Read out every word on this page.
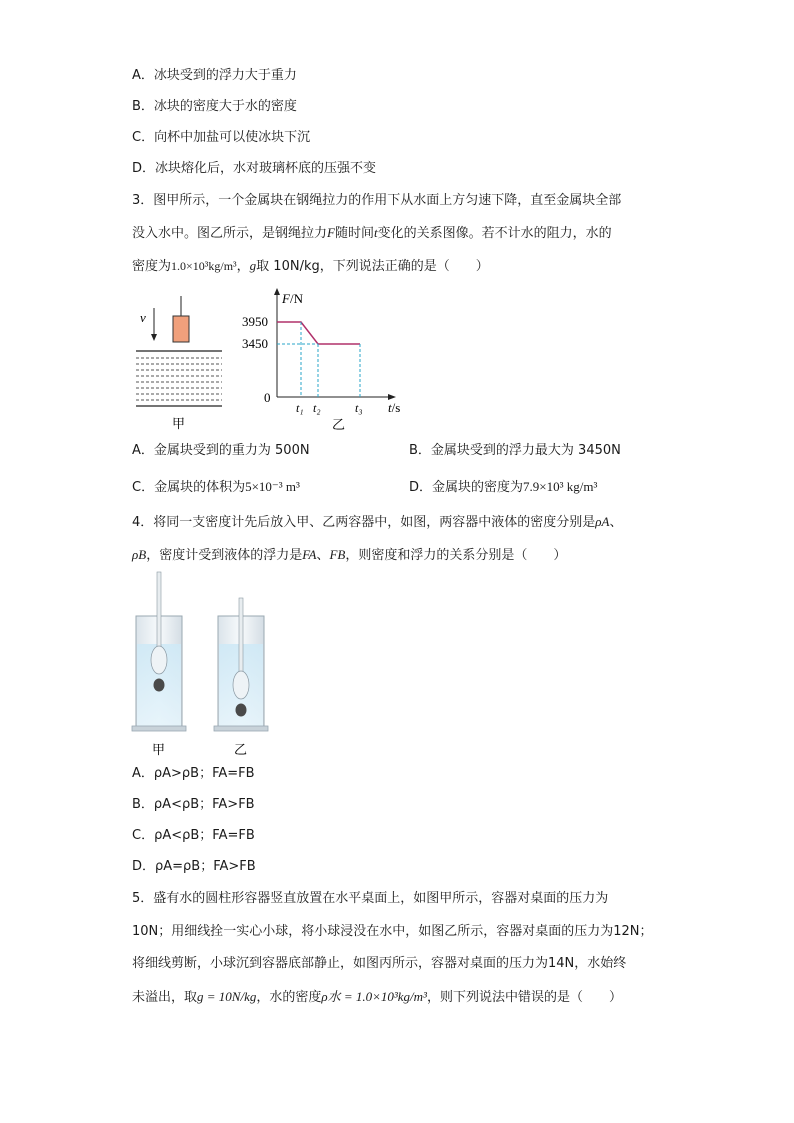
A．冰块受到的浮力大于重力
B．冰块的密度大于水的密度
C．向杯中加盐可以使冰块下沉
D．冰块熔化后，水对玻璃杯底的压强不变
3．图甲所示，一个金属块在钢绳拉力的作用下从水面上方匀速下降，直至金属块全部
没入水中。图乙所示，是钢绳拉力F随时间t变化的关系图像。若不计水的阻力，水的
密度为1.0×10³kg/m³，g取 10N/kg，下列说法正确的是（　　）
v
甲
F/N
3950
3450
0
t₁ t₂	t₃ t/s
乙
A．金属块受到的重力为 500N	B．金属块受到的浮力最大为 3450N
C．金属块的体积为5×10⁻³ m³	D．金属块的密度为7.9×10³ kg/m³
4．将同一支密度计先后放入甲、乙两容器中，如图，两容器中液体的密度分别是ρA、
ρB，密度计受到液体的浮力是FA、FB，则密度和浮力的关系分别是（　　）
甲	乙
A．ρA>ρB；FA=FB
B．ρA<ρB；FA>FB
C．ρA<ρB；FA=FB
D．ρA=ρB；FA>FB
5．盛有水的圆柱形容器竖直放置在水平桌面上，如图甲所示，容器对桌面的压力为
10N；用细线拴一实心小球，将小球浸没在水中，如图乙所示，容器对桌面的压力为12N；
将细线剪断，小球沉到容器底部静止，如图丙所示，容器对桌面的压力为14N，水始终
未溢出，取g = 10N/kg，水的密度ρ水 = 1.0×10³kg/m³，则下列说法中错误的是（　　）
